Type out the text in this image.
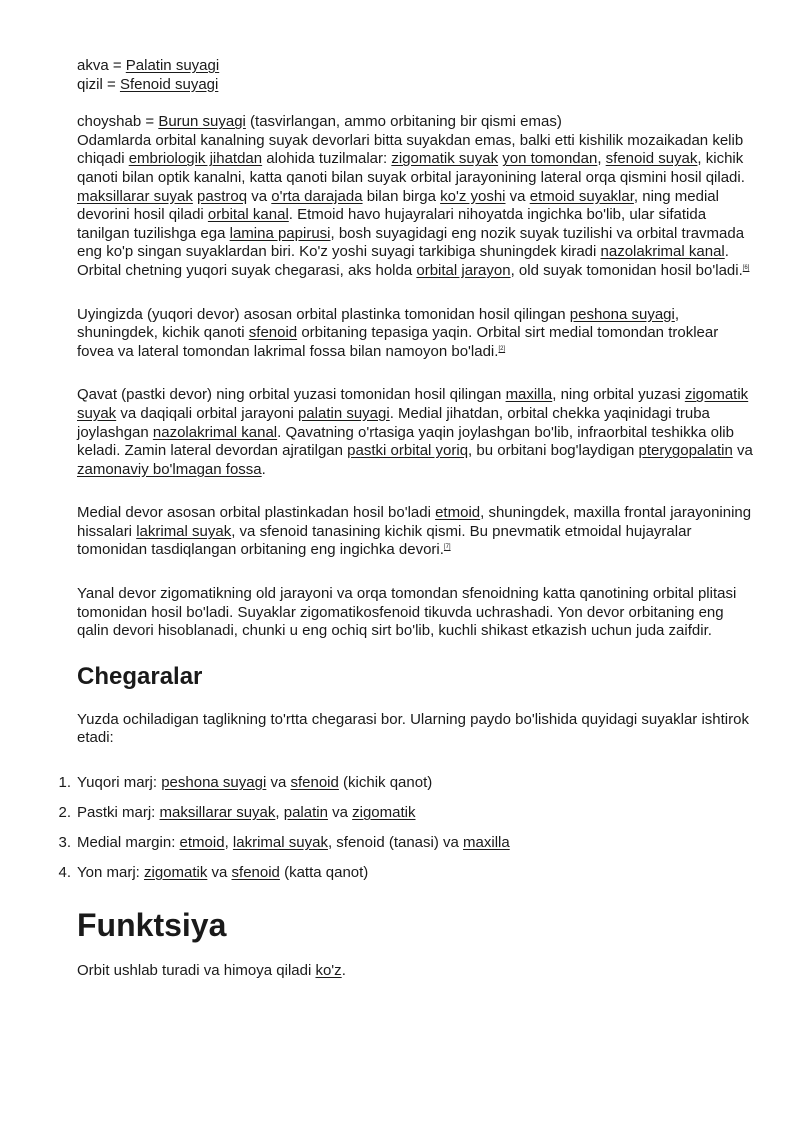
akva = Palatin suyagi
qizil = Sfenoid suyagi

choyshab = Burun suyagi (tasvirlangan, ammo orbitaning bir qismi emas)
Odamlarda orbital kanalning suyak devorlari bitta suyakdan emas, balki etti kishilik mozaikadan kelib chiqadi embriologik jihatdan alohida tuzilmalar: zigomatik suyak yon tomondan, sfenoid suyak, kichik qanoti bilan optik kanalni, katta qanoti bilan suyak orbital jarayonining lateral orqa qismini hosil qiladi. maksillarar suyak pastroq va o'rta darajada bilan birga ko'z yoshi va etmoid suyaklar, ning medial devorini hosil qiladi orbital kanal. Etmoid havo hujayralari nihoyatda ingichka bo'lib, ular sifatida tanilgan tuzilishga ega lamina papirusi, bosh suyagidagi eng nozik suyak tuzilishi va orbital travmada eng ko'p singan suyaklardan biri. Ko'z yoshi suyagi tarkibiga shuningdek kiradi nazolakrimal kanal. Orbital chetning yuqori suyak chegarasi, aks holda orbital jarayon, old suyak tomonidan hosil bo'ladi.[6]

Uyingizda (yuqori devor) asosan orbital plastinka tomonidan hosil qilingan peshona suyagi, shuningdek, kichik qanoti sfenoid orbitaning tepasiga yaqin. Orbital sirt medial tomondan troklear fovea va lateral tomondan lakrimal fossa bilan namoyon bo'ladi.[2]

Qavat (pastki devor) ning orbital yuzasi tomonidan hosil qilingan maxilla, ning orbital yuzasi zigomatik suyak va daqiqali orbital jarayoni palatin suyagi. Medial jihatdan, orbital chekka yaqinidagi truba joylashgan nazolakrimal kanal. Qavatning o'rtasiga yaqin joylashgan bo'lib, infraorbital teshikka olib keladi. Zamin lateral devordan ajratilgan pastki orbital yoriq, bu orbitani bog'laydigan pterygopalatin va zamonaviy bo'lmagan fossa.

Medial devor asosan orbital plastinkadan hosil bo'ladi etmoid, shuningdek, maxilla frontal jarayonining hissalari lakrimal suyak, va sfenoid tanasining kichik qismi. Bu pnevmatik etmoidal hujayralar tomonidan tasdiqlangan orbitaning eng ingichka devori.[7]

Yanal devor zigomatikning old jarayoni va orqa tomondan sfenoidning katta qanotining orbital plitasi tomonidan hosil bo'ladi. Suyaklar zigomatikosfenoid tikuvda uchrashadi. Yon devor orbitaning eng qalin devori hisoblanadi, chunki u eng ochiq sirt bo'lib, kuchli shikast etkazish uchun juda zaifdir.

Chegaralar

Yuzda ochiladigan taglikning to'rtta chegarasi bor. Ularning paydo bo'lishida quyidagi suyaklar ishtirok etadi:

1. Yuqori marj: peshona suyagi va sfenoid (kichik qanot)
2. Pastki marj: maksillarar suyak, palatin va zigomatik
3. Medial margin: etmoid, lakrimal suyak, sfenoid (tanasi) va maxilla
4. Yon marj: zigomatik va sfenoid (katta qanot)
Funktsiya

Orbit ushlab turadi va himoya qiladi ko'z.
